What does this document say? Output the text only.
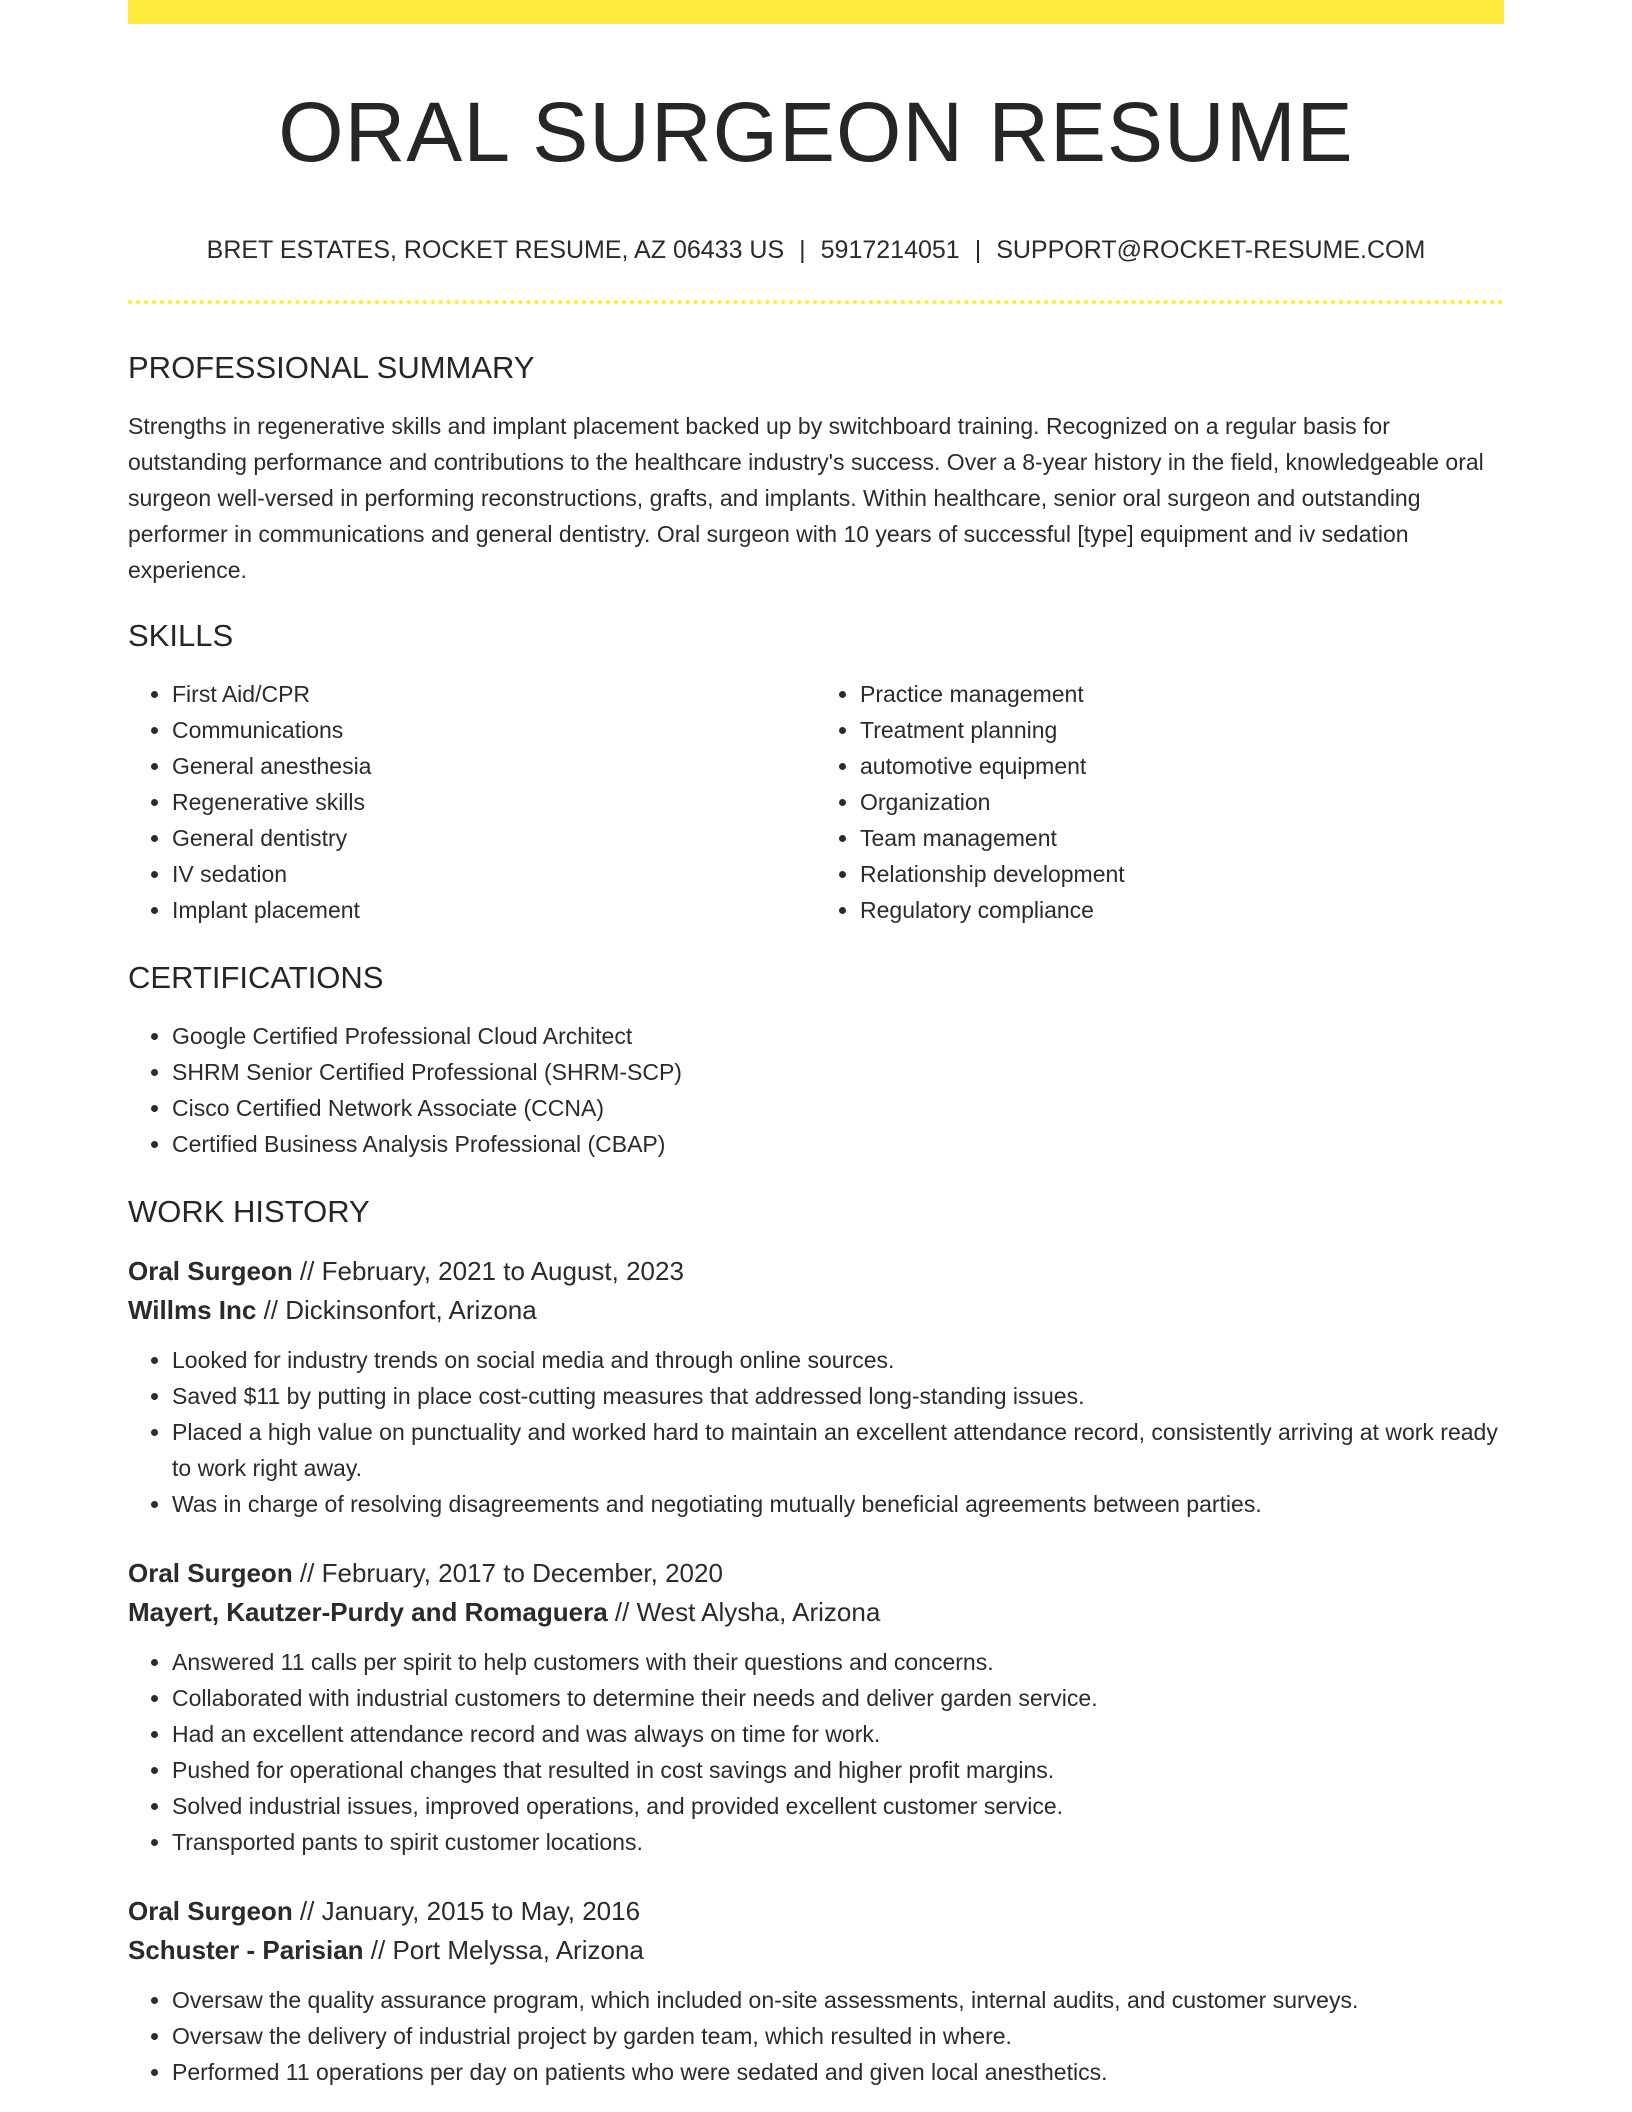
ORAL SURGEON RESUME
BRET ESTATES, ROCKET RESUME, AZ 06433 US | 5917214051 | SUPPORT@ROCKET-RESUME.COM
PROFESSIONAL SUMMARY

Strengths in regenerative skills and implant placement backed up by switchboard training. Recognized on a regular basis for outstanding performance and contributions to the healthcare industry's success. Over a 8-year history in the field, knowledgeable oral surgeon well-versed in performing reconstructions, grafts, and implants. Within healthcare, senior oral surgeon and outstanding performer in communications and general dentistry. Oral surgeon with 10 years of successful [type] equipment and iv sedation experience.

SKILLS
• First Aid/CPR
• Communications
• General anesthesia
• Regenerative skills
• General dentistry
• IV sedation
• Implant placement
• Practice management
• Treatment planning
• automotive equipment
• Organization
• Team management
• Relationship development
• Regulatory compliance
CERTIFICATIONS
• Google Certified Professional Cloud Architect
• SHRM Senior Certified Professional (SHRM-SCP)
• Cisco Certified Network Associate (CCNA)
• Certified Business Analysis Professional (CBAP)
WORK HISTORY
Oral Surgeon // February, 2021 to August, 2023
Willms Inc // Dickinsonfort, Arizona
• Looked for industry trends on social media and through online sources.
• Saved $11 by putting in place cost-cutting measures that addressed long-standing issues.
• Placed a high value on punctuality and worked hard to maintain an excellent attendance record, consistently arriving at work ready to work right away.
• Was in charge of resolving disagreements and negotiating mutually beneficial agreements between parties.
Oral Surgeon // February, 2017 to December, 2020
Mayert, Kautzer-Purdy and Romaguera // West Alysha, Arizona
• Answered 11 calls per spirit to help customers with their questions and concerns.
• Collaborated with industrial customers to determine their needs and deliver garden service.
• Had an excellent attendance record and was always on time for work.
• Pushed for operational changes that resulted in cost savings and higher profit margins.
• Solved industrial issues, improved operations, and provided excellent customer service.
• Transported pants to spirit customer locations.
Oral Surgeon // January, 2015 to May, 2016
Schuster - Parisian // Port Melyssa, Arizona
• Oversaw the quality assurance program, which included on-site assessments, internal audits, and customer surveys.
• Oversaw the delivery of industrial project by garden team, which resulted in where.
• Performed 11 operations per day on patients who were sedated and given local anesthetics.
